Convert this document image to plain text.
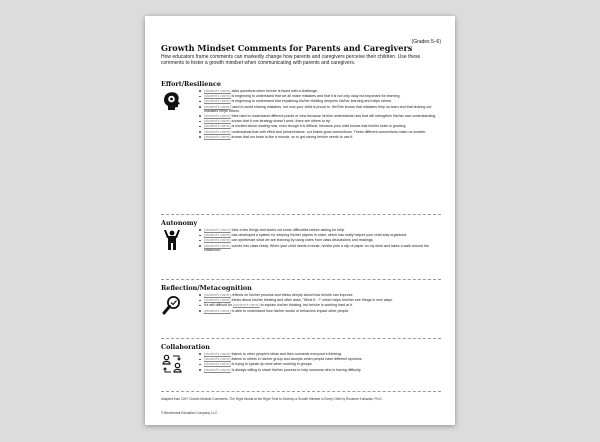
Growth Mindset Comments for Parents and Caregivers
(Grades 5–6)
How educators frame comments can markedly change how parents and caregivers perceive their children. Use these comments to foster a growth mindset when communicating with parents and caregivers.
Effort/Resilience
(student's name) asks questions when he/she is faced with a challenge.
(student's name) is beginning to understand that we all make mistakes and that it is not only okay but important for learning.
(student's name) is beginning to understand that explaining his/her thinking deepens his/her learning and helps others.
(student's name) used to avoid sharing mistakes, but now your child is proud to. He/She knows that mistakes help us learn and that sharing our mistakes helps others.
(student's name) tries hard to understand different points of view because he/she understands how that will strengthen his/her own understanding.
(student's name) knows that if one strategy doesn't work, there are others to try.
(student's name) is excited about reading now, even though it is difficult, because your child knows that his/her brain is growing.
(student's name) understands that with effort and perseverance, our brains grow connections. These different connections make us smarter.
(student's name) knows that our brain is like a muscle, so to get strong he/she needs to use it.
Autonomy
(student's name) tries a few things and works out some difficulties before asking for help.
(student's name) has developed a system for keeping his/her papers in order, which has really helped your child stay organized.
(student's name) can synthesize what we are learning by using notes from class discussions and readings.
(student's name) comes into class ready. When your child needs a break, he/she puts a slip of paper on my desk and takes a walk around the classroom.
Reflection/Metacognition
(student's name) reflects on his/her process and thinks deeply about how he/she can improve.
(student's name) thinks about his/her thinking and often asks, "What if...?" which helps him/her see things in new ways.
It's still difficult for (student's name) to explain his/her thinking, but he/she is working hard at it.
(student's name) is able to understand how his/her words or behaviors impact other people.
Collaboration
(student's name) listens to other people's ideas and then connects everyone's thinking.
(student's name) listens to others in his/her group and accepts when people have different opinions.
(student's name) is trying to speak up more when working in groups.
(student's name) is always willing to share his/her process to help someone who is having difficulty.
Adapted from 100+ Growth Mindset Comments: The Right Words at the Right Time to Develop a Growth Mindset in Every Child by Roxanne Kuriazaki, Ph.D.
© Benchmark Education Company, LLC
